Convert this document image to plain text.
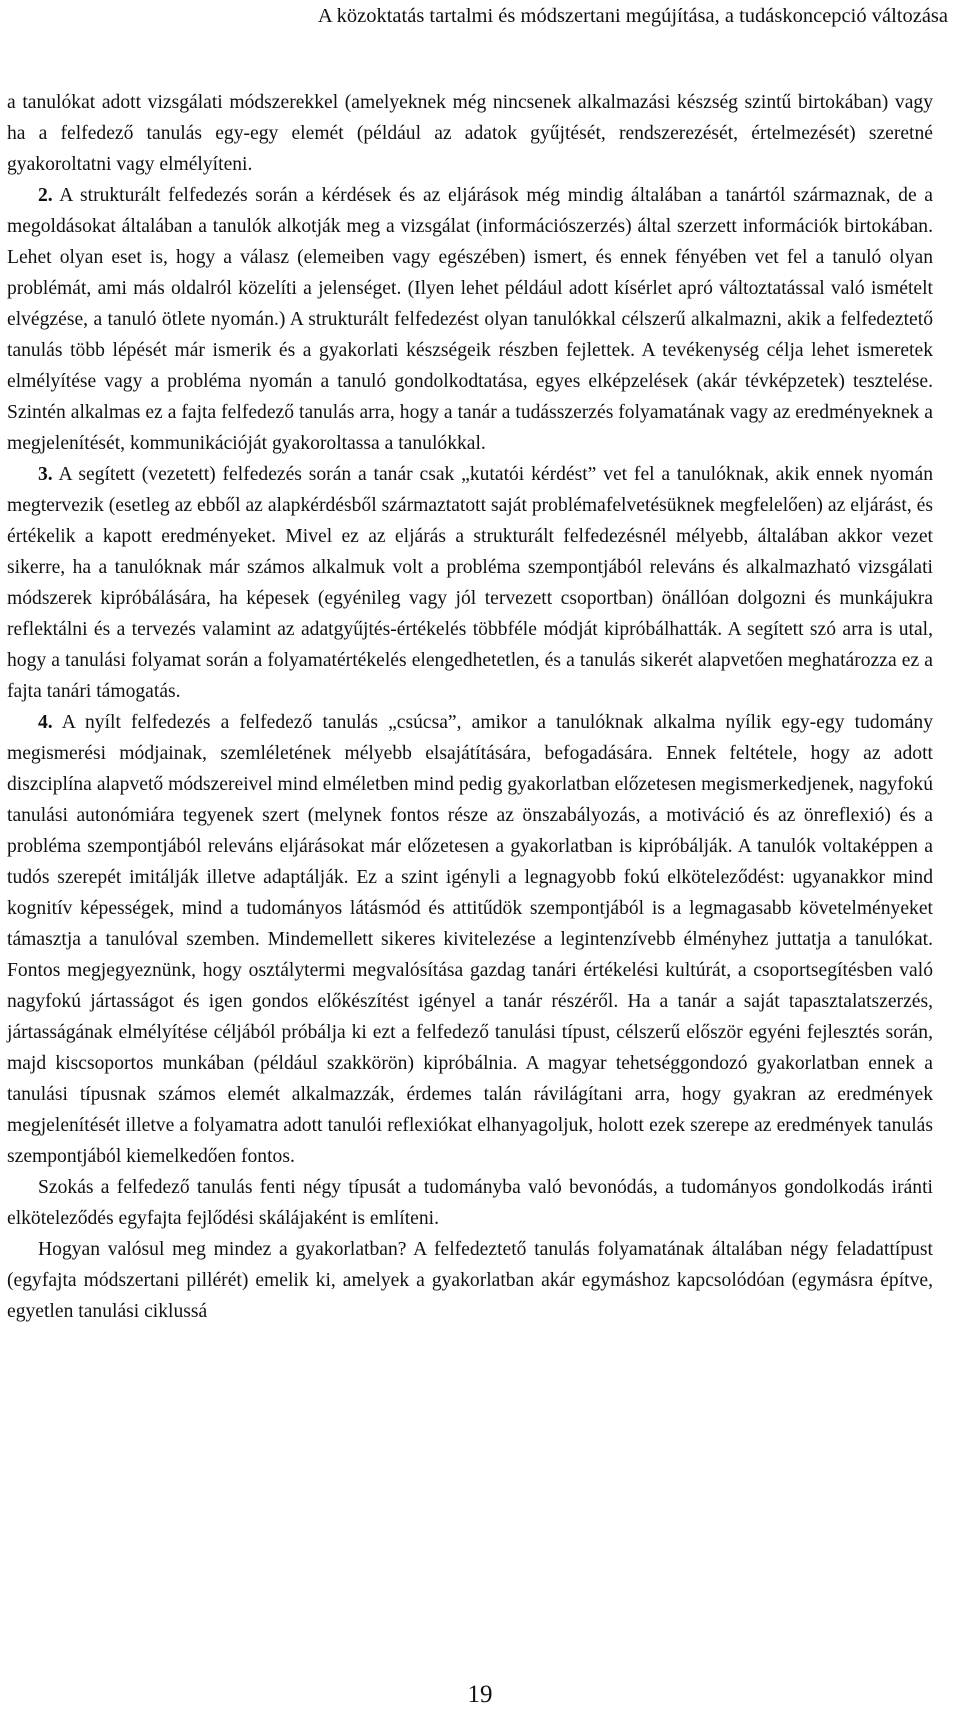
A közoktatás tartalmi és módszertani megújítása, a tudáskoncepció változása

a tanulókat adott vizsgálati módszerekkel (amelyeknek még nincsenek alkalmazási készség szintű birtokában) vagy ha a felfedező tanulás egy-egy elemét (például az adatok gyűjtését, rendszerezését, értelmezését) szeretné gyakoroltatni vagy elmélyíteni.

2. A strukturált felfedezés során a kérdések és az eljárások még mindig általában a tanártól származnak, de a megoldásokat általában a tanulók alkotják meg a vizsgálat (információszerzés) által szerzett információk birtokában. Lehet olyan eset is, hogy a válasz (elemeiben vagy egészében) ismert, és ennek fényében vet fel a tanuló olyan problémát, ami más oldalról közelíti a jelenséget. (Ilyen lehet például adott kísérlet apró változtatással való ismételt elvégzése, a tanuló ötlete nyomán.) A strukturált felfedezést olyan tanulókkal célszerű alkalmazni, akik a felfedeztető tanulás több lépését már ismerik és a gyakorlati készségeik részben fejlettek. A tevékenység célja lehet ismeretek elmélyítése vagy a probléma nyomán a tanuló gondolkodtatása, egyes elképzelések (akár tévképzetek) tesztelése. Szintén alkalmas ez a fajta felfedező tanulás arra, hogy a tanár a tudásszerzés folyamatának vagy az eredményeknek a megjelenítését, kommunikációját gyakoroltassa a tanulókkal.

3. A segített (vezetett) felfedezés során a tanár csak „kutatói kérdést” vet fel a tanulóknak, akik ennek nyomán megtervezik (esetleg az ebből az alapkérdésből származtatott saját problémafelvetésüknek megfelelően) az eljárást, és értékelik a kapott eredményeket. Mivel ez az eljárás a strukturált felfedezésnél mélyebb, általában akkor vezet sikerre, ha a tanulóknak már számos alkalmuk volt a probléma szempontjából releváns és alkalmazható vizsgálati módszerek kipróbálására, ha képesek (egyénileg vagy jól tervezett csoportban) önállóan dolgozni és munkájukra reflektálni és a tervezés valamint az adatgyűjtés-értékelés többféle módját kipróbálhatták. A segített szó arra is utal, hogy a tanulási folyamat során a folyamatértékelés elengedhetetlen, és a tanulás sikerét alapvetően meghatározza ez a fajta tanári támogatás.

4. A nyílt felfedezés a felfedező tanulás „csúcsa”, amikor a tanulóknak alkalma nyílik egy-egy tudomány megismerési módjainak, szemléletének mélyebb elsajátítására, befogadására. Ennek feltétele, hogy az adott diszciplína alapvető módszereivel mind elméletben mind pedig gyakorlatban előzetesen megismerkedjenek, nagyfokú tanulási autonómiára tegyenek szert (melynek fontos része az önszabályozás, a motiváció és az önreflexió) és a probléma szempontjából releváns eljárásokat már előzetesen a gyakorlatban is kipróbálják. A tanulók voltaképpen a tudós szerepét imitálják illetve adaptálják. Ez a szint igényli a legnagyobb fokú elköteleződést: ugyanakkor mind kognitív képességek, mind a tudományos látásmód és attitűdök szempontjából is a legmagasabb követelményeket támasztja a tanulóval szemben. Mindemellett sikeres kivitelezése a legintenzívebb élményhez juttatja a tanulókat. Fontos megjegyeznünk, hogy osztálytermi megvalósítása gazdag tanári értékelési kultúrát, a csoportsegítésben való nagyfokú jártasságot és igen gondos előkészítést igényel a tanár részéről. Ha a tanár a saját tapasztalatszerzés, jártasságának elmélyítése céljából próbálja ki ezt a felfedező tanulási típust, célszerű először egyéni fejlesztés során, majd kiscsoportos munkában (például szakkörön) kipróbálnia. A magyar tehetséggondozó gyakorlatban ennek a tanulási típusnak számos elemét alkalmazzák, érdemes talán rávilágítani arra, hogy gyakran az eredmények megjelenítését illetve a folyamatra adott tanulói reflexiókat elhanyagoljuk, holott ezek szerepe az eredmények tanulás szempontjából kiemelkedően fontos.

Szokás a felfedező tanulás fenti négy típusát a tudományba való bevonódás, a tudományos gondolkodás iránti elköteleződés egyfajta fejlődési skálájaként is említeni.

Hogyan valósul meg mindez a gyakorlatban? A felfedeztető tanulás folyamatának általában négy feladattípust (egyfajta módszertani pillérét) emelik ki, amelyek a gyakorlatban akár egymáshoz kapcsolódóan (egymásra építve, egyetlen tanulási ciklussá

19
